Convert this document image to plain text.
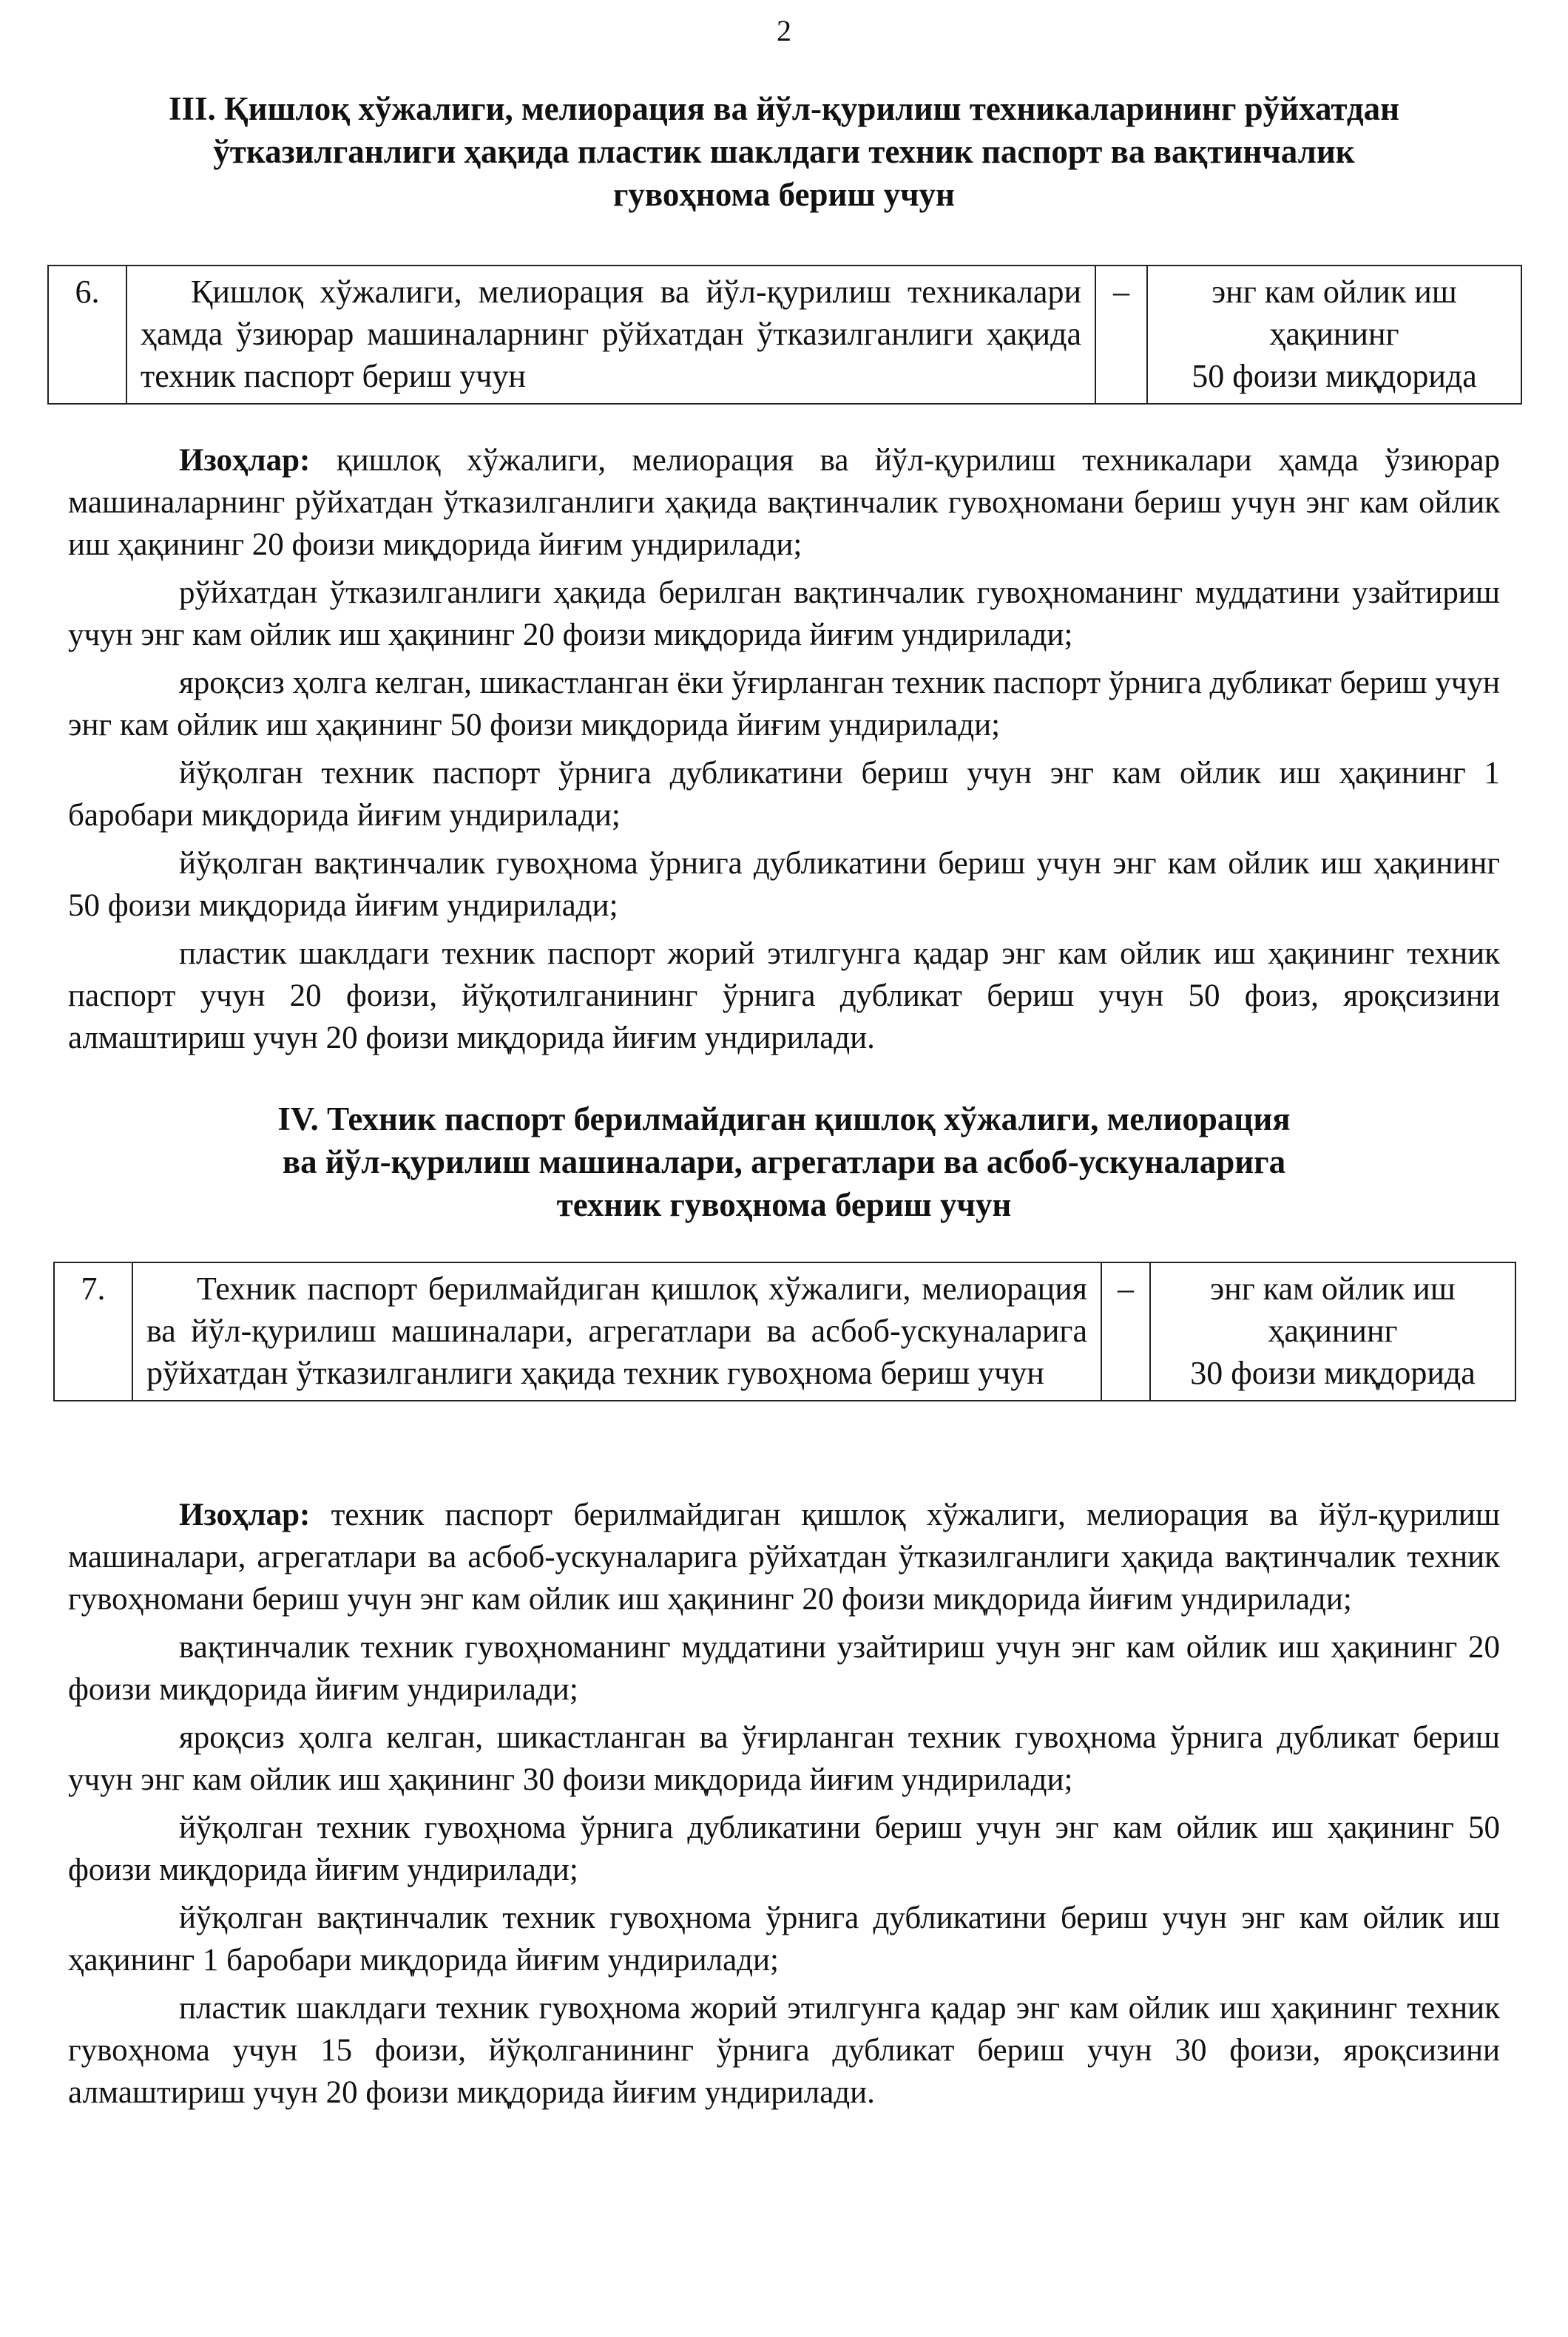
2
III. Қишлоқ хўжалиги, мелиорация ва йўл-қурилиш техникаларининг рўйхатдан
ўтказилганлиги ҳақида пластик шаклдаги техник паспорт ва вақтинчалик
гувоҳнома бериш учун
6.	Қишлоқ хўжалиги, мелиорация ва йўл-қурилиш техникалари ҳамда ўзиюрар машиналарнинг рўйхатдан ўтказилганлиги ҳақида техник паспорт бериш учун	–	энг кам ойлик иш
ҳақининг
50 фоизи миқдорида

Изоҳлар: қишлоқ хўжалиги, мелиорация ва йўл-қурилиш техникалари ҳамда ўзиюрар машиналарнинг рўйхатдан ўтказилганлиги ҳақида вақтинчалик гувоҳномани бериш учун энг кам ойлик иш ҳақининг 20 фоизи миқдорида йиғим ундирилади;

рўйхатдан ўтказилганлиги ҳақида берилган вақтинчалик гувоҳноманинг муддатини узайтириш учун энг кам ойлик иш ҳақининг 20 фоизи миқдорида йиғим ундирилади;

яроқсиз ҳолга келган, шикастланган ёки ўғирланган техник паспорт ўрнига дубликат бериш учун энг кам ойлик иш ҳақининг 50 фоизи миқдорида йиғим ундирилади;

йўқолган техник паспорт ўрнига дубликатини бериш учун энг кам ойлик иш ҳақининг 1 баробари миқдорида йиғим ундирилади;

йўқолган вақтинчалик гувоҳнома ўрнига дубликатини бериш учун энг кам ойлик иш ҳақининг 50 фоизи миқдорида йиғим ундирилади;

пластик шаклдаги техник паспорт жорий этилгунга қадар энг кам ойлик иш ҳақининг техник паспорт учун 20 фоизи, йўқотилганининг ўрнига дубликат бериш учун 50 фоиз, яроқсизини алмаштириш учун 20 фоизи миқдорида йиғим ундирилади.

IV. Техник паспорт берилмайдиган қишлоқ хўжалиги, мелиорация
ва йўл-қурилиш машиналари, агрегатлари ва асбоб-ускуналарига
техник гувоҳнома бериш учун
7.	Техник паспорт берилмайдиган қишлоқ хўжалиги, мелиорация ва йўл-қурилиш машиналари, агрегатлари ва асбоб-ускуналарига рўйхатдан ўтказилганлиги ҳақида техник гувоҳнома бериш учун	–	энг кам ойлик иш
ҳақининг
30 фоизи миқдорида

Изоҳлар: техник паспорт берилмайдиган қишлоқ хўжалиги, мелиорация ва йўл-қурилиш машиналари, агрегатлари ва асбоб-ускуналарига рўйхатдан ўтказилганлиги ҳақида вақтинчалик техник гувоҳномани бериш учун энг кам ойлик иш ҳақининг 20 фоизи миқдорида йиғим ундирилади;

вақтинчалик техник гувоҳноманинг муддатини узайтириш учун энг кам ойлик иш ҳақининг 20 фоизи миқдорида йиғим ундирилади;

яроқсиз ҳолга келган, шикастланган ва ўғирланган техник гувоҳнома ўрнига дубликат бериш учун энг кам ойлик иш ҳақининг 30 фоизи миқдорида йиғим ундирилади;

йўқолган техник гувоҳнома ўрнига дубликатини бериш учун энг кам ойлик иш ҳақининг 50 фоизи миқдорида йиғим ундирилади;

йўқолган вақтинчалик техник гувоҳнома ўрнига дубликатини бериш учун энг кам ойлик иш ҳақининг 1 баробари миқдорида йиғим ундирилади;

пластик шаклдаги техник гувоҳнома жорий этилгунга қадар энг кам ойлик иш ҳақининг техник гувоҳнома учун 15 фоизи, йўқолганининг ўрнига дубликат бериш учун 30 фоизи, яроқсизини алмаштириш учун 20 фоизи миқдорида йиғим ундирилади.
